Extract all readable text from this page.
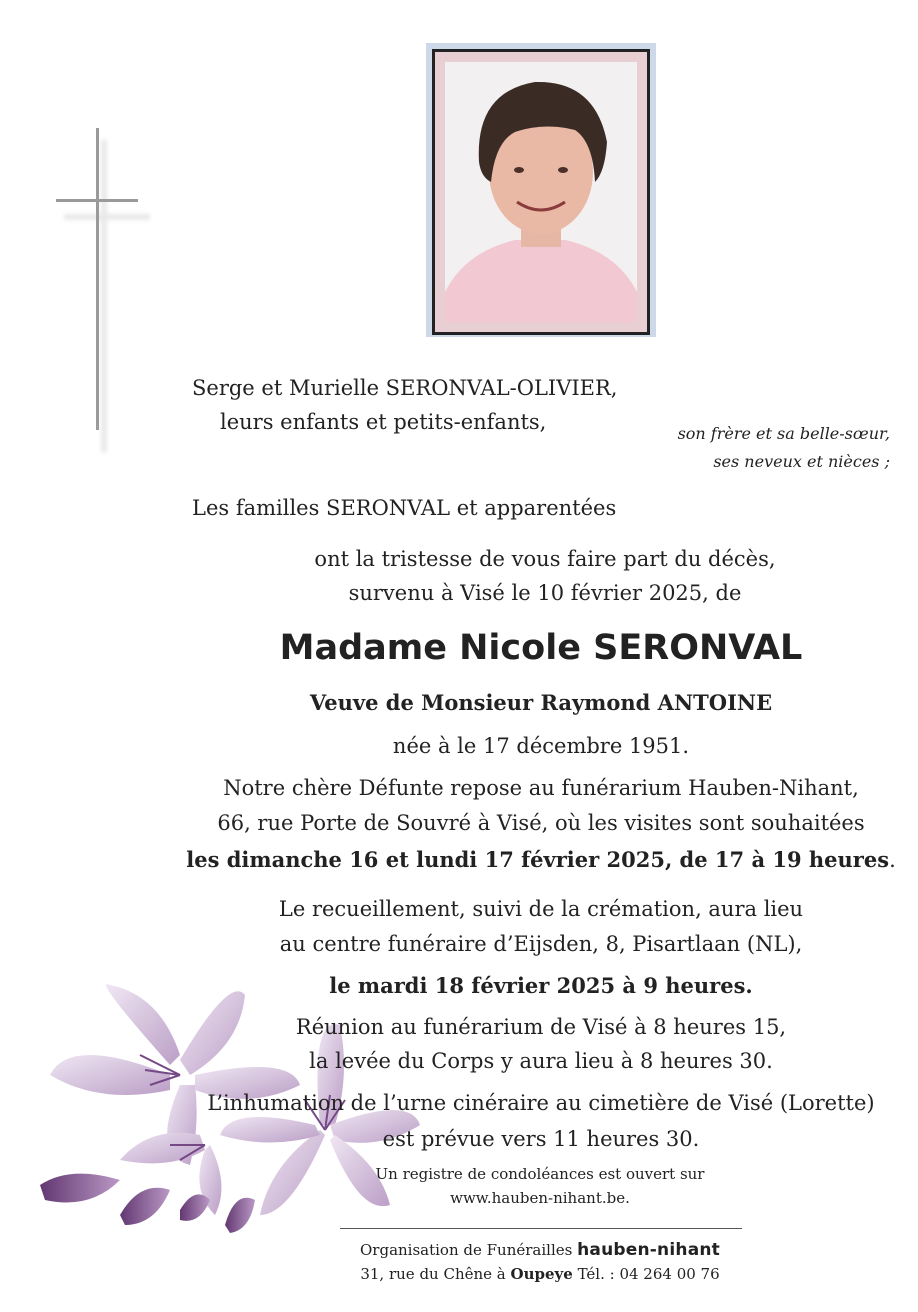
Serge et Murielle SERONVAL-OLIVIER,
leurs enfants et petits-enfants,	son frère et sa belle-sœur,
ses neveux et nièces ;
Les familles SERONVAL et apparentées
ont la tristesse de vous faire part du décès,
survenu à Visé le 10 février 2025, de
Madame Nicole SERONVAL
Veuve de Monsieur Raymond ANTOINE
née à le 17 décembre 1951.
Notre chère Défunte repose au funérarium Hauben-Nihant,
66, rue Porte de Souvré à Visé, où les visites sont souhaitées
les dimanche 16 et lundi 17 février 2025, de 17 à 19 heures.
Le recueillement, suivi de la crémation, aura lieu
au centre funéraire d’Eijsden, 8, Pisartlaan (NL),
le mardi 18 février 2025 à 9 heures.
Réunion au funérarium de Visé à 8 heures 15,
la levée du Corps y aura lieu à 8 heures 30.
L’inhumation de l’urne cinéraire au cimetière de Visé (Lorette)
est prévue vers 11 heures 30.
Un registre de condoléances est ouvert sur
www.hauben-nihant.be.
Organisation de Funérailles hauben-nihant
31, rue du Chêne à Oupeye Tél. : 04 264 00 76
